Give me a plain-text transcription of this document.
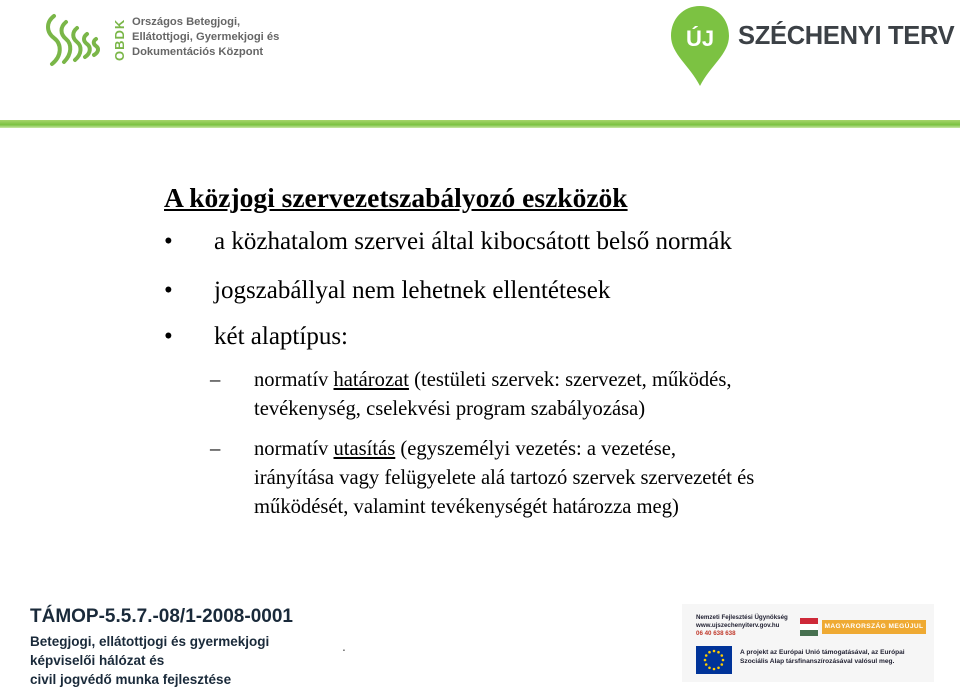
OBDK Országos Betegjogi,
Ellátottjogi, Gyermekjogi és
Dokumentációs Központ
ÚJ SZÉCHENYI TERV
A közjogi szervezetszabályozó eszközök
• a közhatalom szervei által kibocsátott belső normák
• jogszabállyal nem lehetnek ellentétesek
• két alaptípus:
– normatív határozat (testületi szervek: szervezet, működés,
tevékenység, cselekvési program szabályozása)
– normatív utasítás (egyszemélyi vezetés: a vezetése,
irányítása vagy felügyelete alá tartozó szervek szervezetét és
működését, valamint tevékenységét határozza meg)
TÁMOP-5.5.7.-08/1-2008-0001
Betegjogi, ellátottjogi és gyermekjogi
képviselői hálózat és
civil jogvédő munka fejlesztése
.
Nemzeti Fejlesztési Ügynökség
www.ujszechenyiterv.gov.hu
06 40 638 638
MAGYARORSZÁG MEGÚJUL
A projekt az Európai Unió támogatásával, az Európai
Szociális Alap társfinanszírozásával valósul meg.
